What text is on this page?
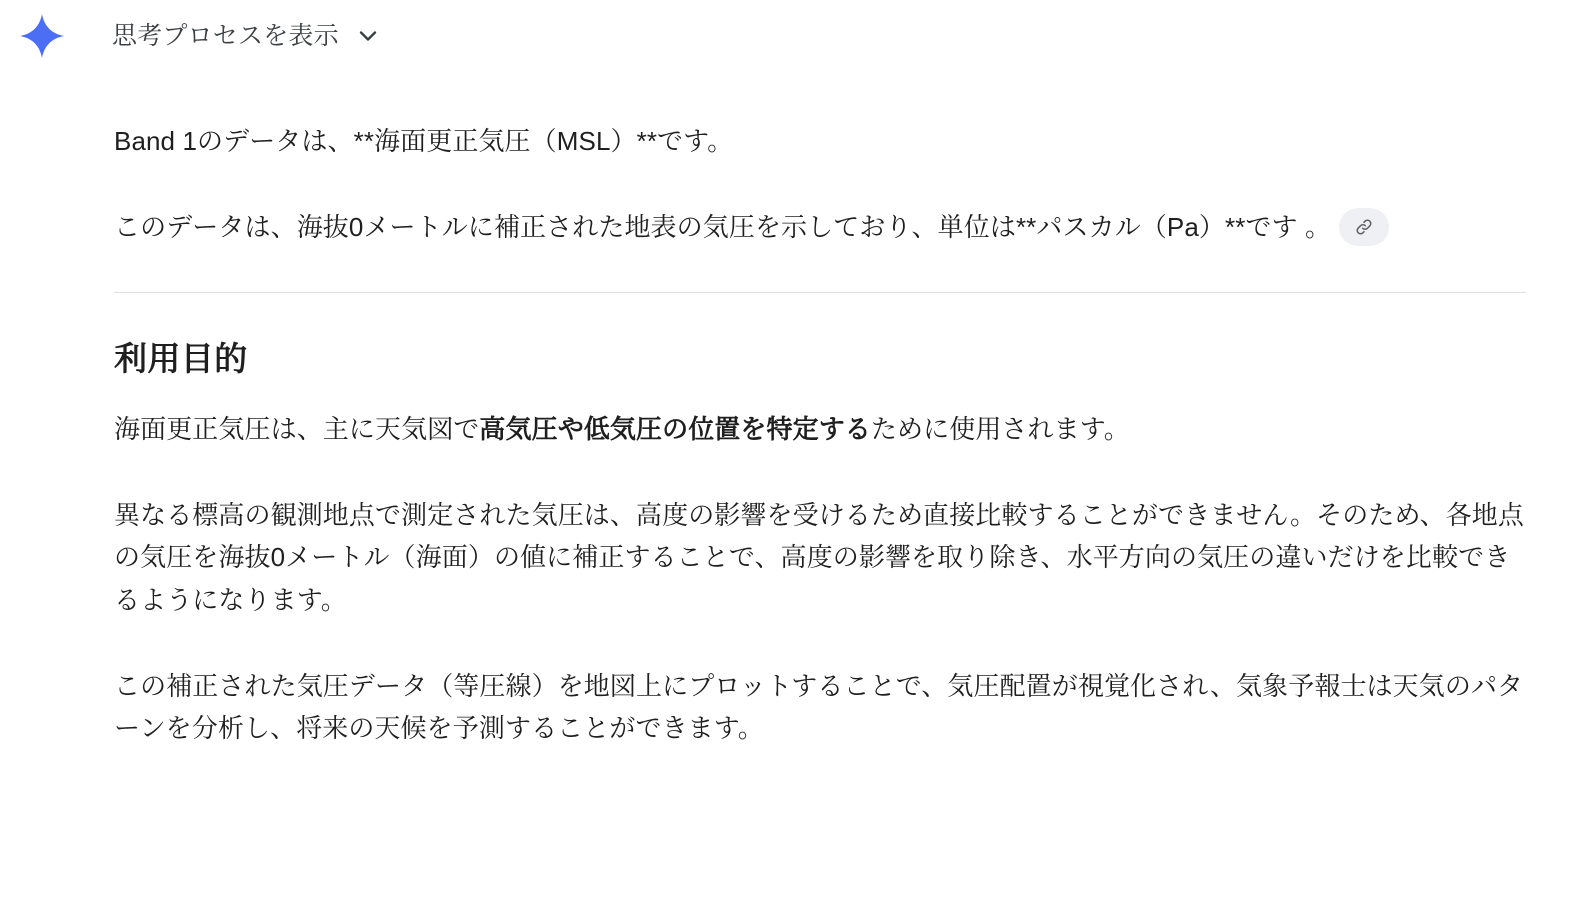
思考プロセスを表示

Band 1のデータは、**海面更正気圧（MSL）**です。

このデータは、海抜0メートルに補正された地表の気圧を示しており、単位は**パスカル（Pa）**です 。

利用目的

海面更正気圧は、主に天気図で高気圧や低気圧の位置を特定するために使用されます。

異なる標高の観測地点で測定された気圧は、高度の影響を受けるため直接比較することができません。そのため、各地点の気圧を海抜0メートル（海面）の値に補正することで、高度の影響を取り除き、水平方向の気圧の違いだけを比較できるようになります。

この補正された気圧データ（等圧線）を地図上にプロットすることで、気圧配置が視覚化され、気象予報士は天気のパターンを分析し、将来の天候を予測することができます。
